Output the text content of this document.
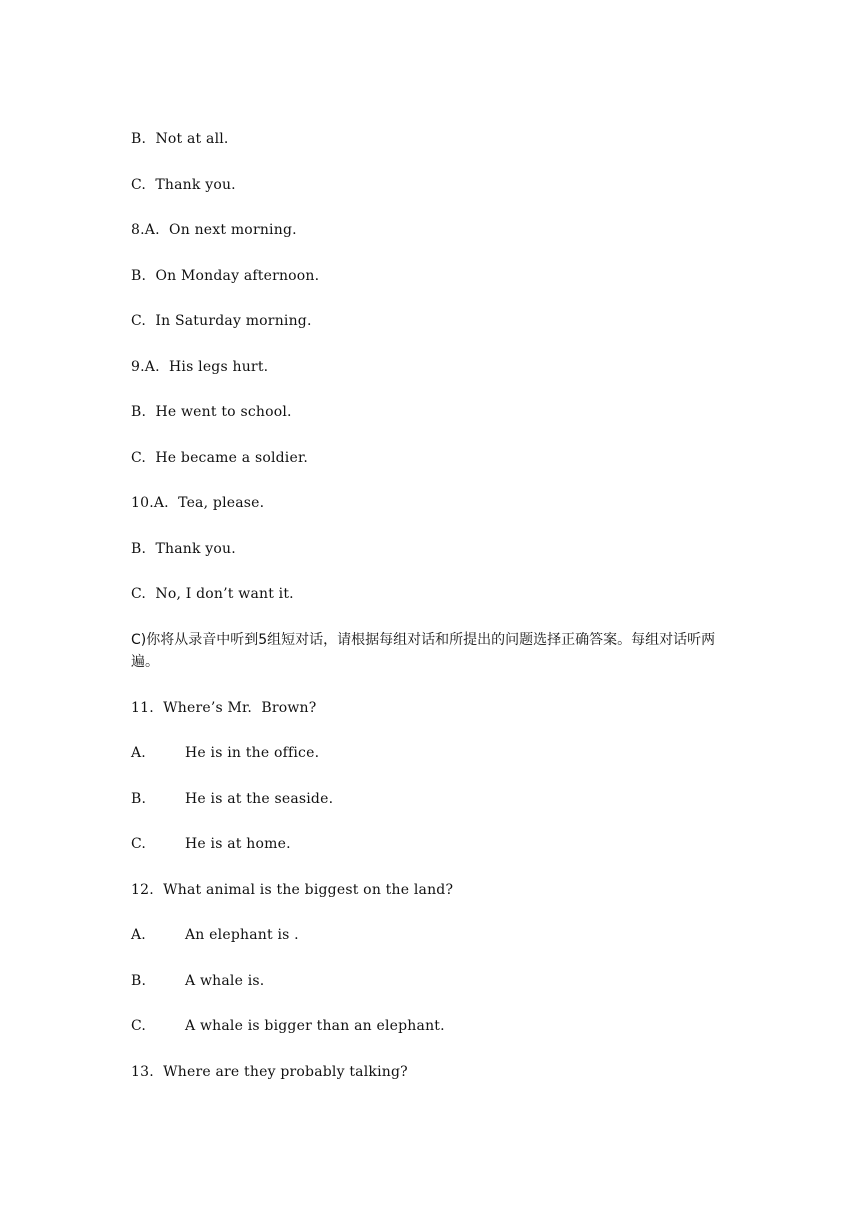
B.  Not at all.
C.  Thank you.
8.A.  On next morning.
B.  On Monday afternoon.
C.  In Saturday morning.
9.A.  His legs hurt.
B.  He went to school.
C.  He became a soldier.
10.A.  Tea, please.
B.  Thank you.
C.  No, I don’t want it.
C)你将从录音中听到5组短对话，请根据每组对话和所提出的问题选择正确答案。每组对话听两遍。
11.  Where’s Mr.  Brown?
A.	He is in the office.
B.	He is at the seaside.
C.	He is at home.
12.  What animal is the biggest on the land?
A.	An elephant is .
B.	A whale is.
C.	A whale is bigger than an elephant.
13.  Where are they probably talking?
